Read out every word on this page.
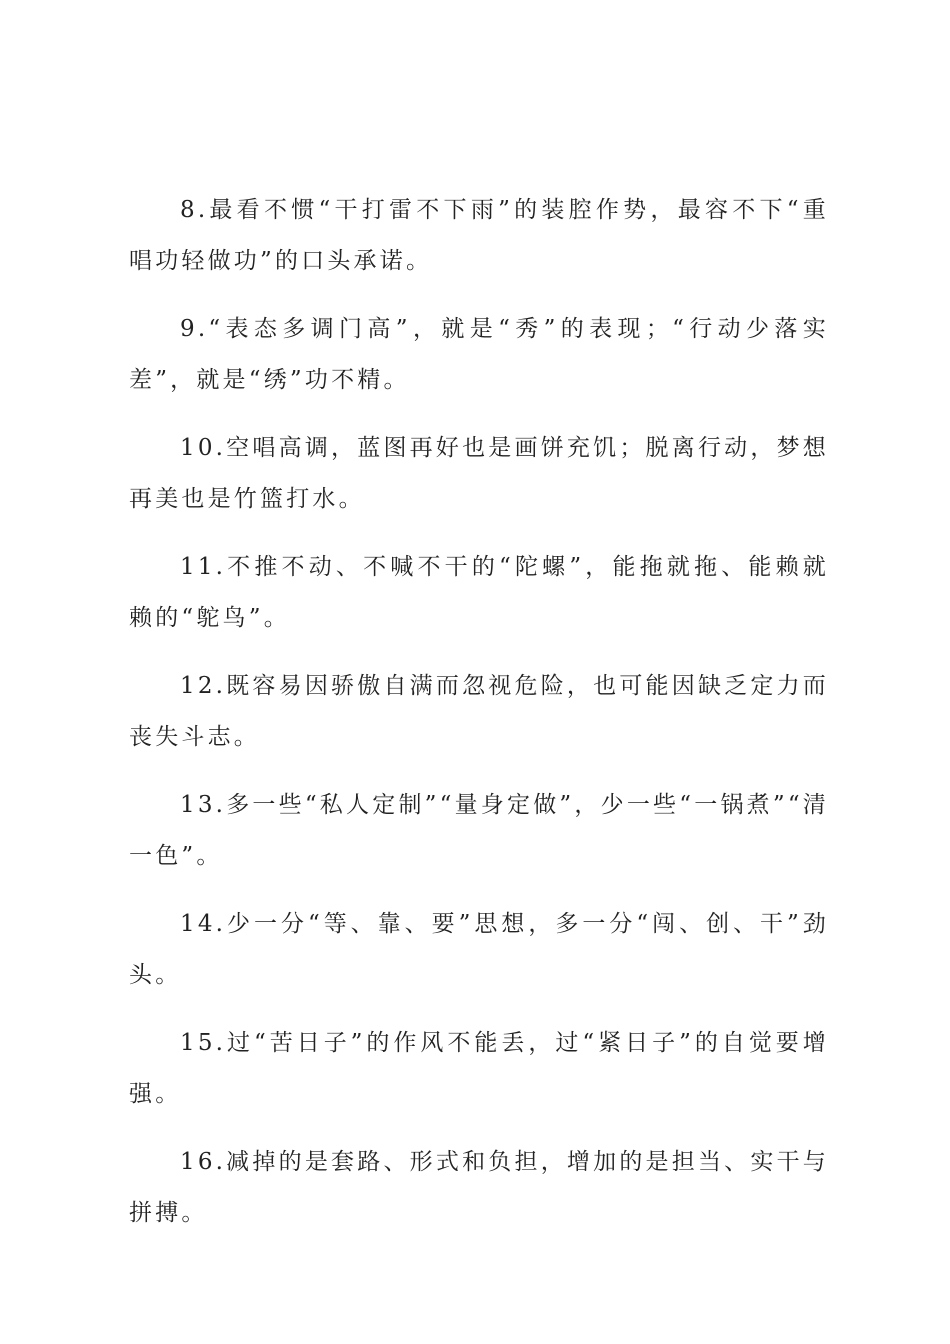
8.最看不惯“干打雷不下雨”的装腔作势，最容不下“重唱功轻做功”的口头承诺。

9.“表态多调门高”，就是“秀”的表现；“行动少落实差”，就是“绣”功不精。

10.空唱高调，蓝图再好也是画饼充饥；脱离行动，梦想再美也是竹篮打水。

11.不推不动、不喊不干的“陀螺”，能拖就拖、能赖就赖的“鸵鸟”。

12.既容易因骄傲自满而忽视危险，也可能因缺乏定力而丧失斗志。

13.多一些“私人定制”“量身定做”，少一些“一锅煮”“清一色”。

14.少一分“等、靠、要”思想，多一分“闯、创、干”劲头。

15.过“苦日子”的作风不能丢，过“紧日子”的自觉要增强。

16.减掉的是套路、形式和负担，增加的是担当、实干与拼搏。
